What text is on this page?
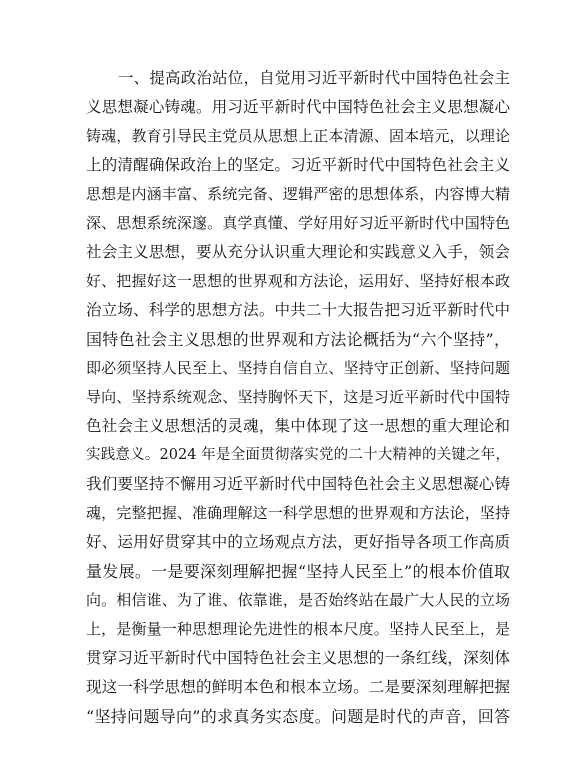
一、提高政治站位，自觉用习近平新时代中国特色社会主
义思想凝心铸魂。用习近平新时代中国特色社会主义思想凝心
铸魂，教育引导民主党员从思想上正本清源、固本培元，以理论
上的清醒确保政治上的坚定。习近平新时代中国特色社会主义
思想是内涵丰富、系统完备、逻辑严密的思想体系，内容博大精
深、思想系统深邃。真学真懂、学好用好习近平新时代中国特色
社会主义思想，要从充分认识重大理论和实践意义入手，领会
好、把握好这一思想的世界观和方法论，运用好、坚持好根本政
治立场、科学的思想方法。中共二十大报告把习近平新时代中
国特色社会主义思想的世界观和方法论概括为“六个坚持”，
即必须坚持人民至上、坚持自信自立、坚持守正创新、坚持问题
导向、坚持系统观念、坚持胸怀天下，这是习近平新时代中国特
色社会主义思想活的灵魂，集中体现了这一思想的重大理论和
实践意义。2024 年是全面贯彻落实党的二十大精神的关键之年，
我们要坚持不懈用习近平新时代中国特色社会主义思想凝心铸
魂，完整把握、准确理解这一科学思想的世界观和方法论，坚持
好、运用好贯穿其中的立场观点方法，更好指导各项工作高质
量发展。一是要深刻理解把握“坚持人民至上”的根本价值取
向。相信谁、为了谁、依靠谁，是否始终站在最广大人民的立场
上，是衡量一种思想理论先进性的根本尺度。坚持人民至上，是
贯穿习近平新时代中国特色社会主义思想的一条红线，深刻体
现这一科学思想的鲜明本色和根本立场。二是要深刻理解把握
“坚持问题导向”的求真务实态度。问题是时代的声音，回答
